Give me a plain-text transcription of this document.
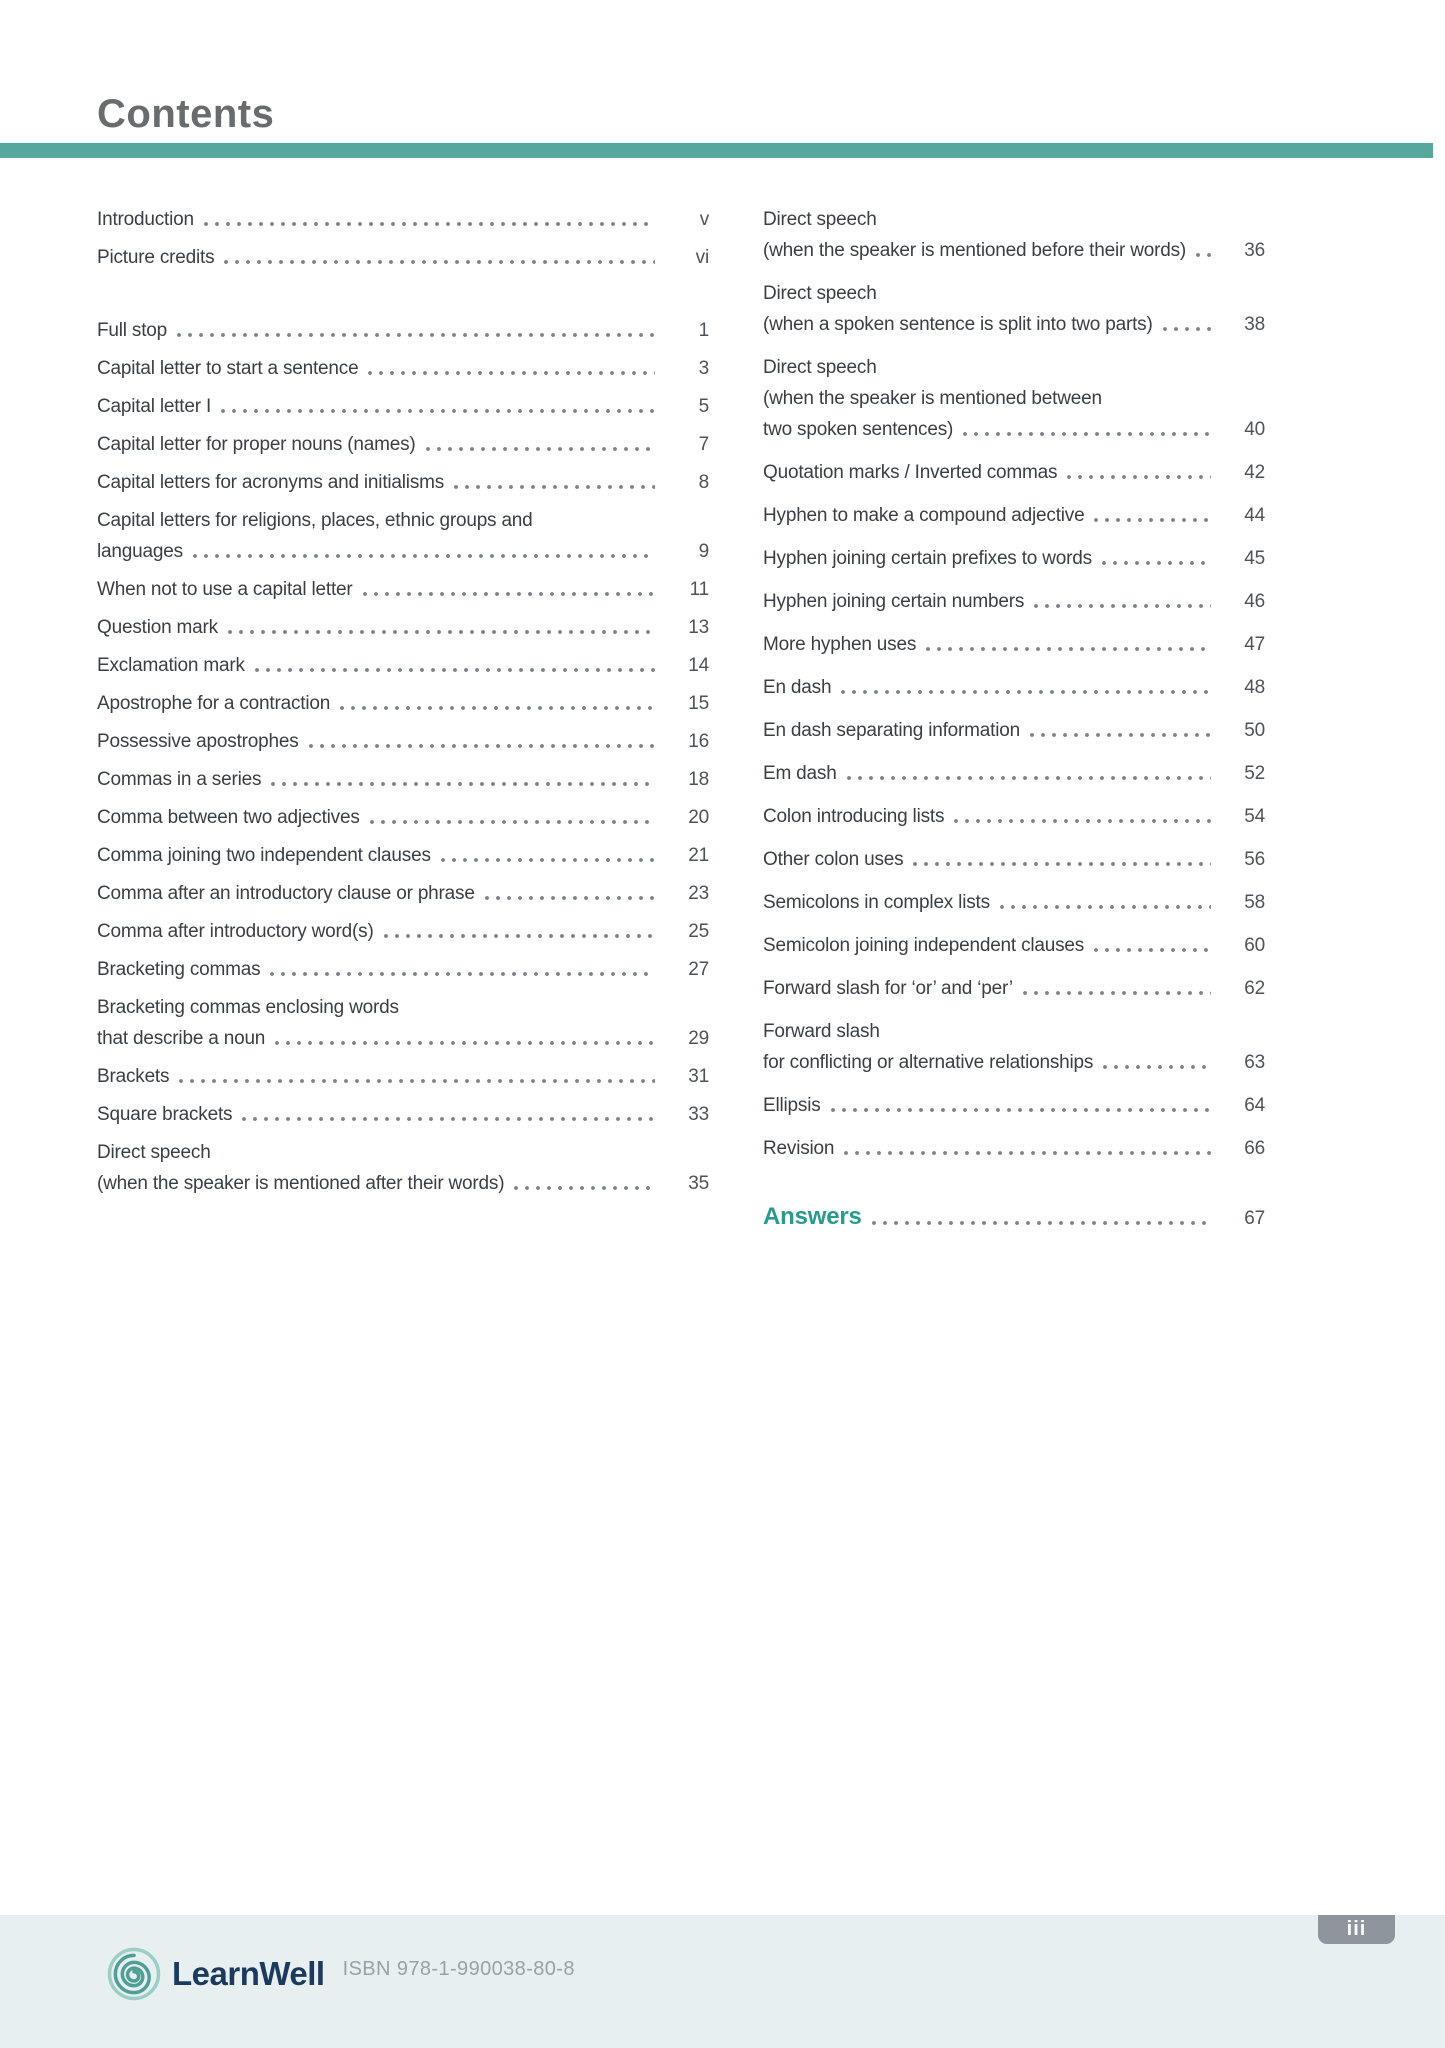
Contents
Introduction	v
Picture credits	vi
Full stop	1
Capital letter to start a sentence	3
Capital letter I	5
Capital letter for proper nouns (names)	7
Capital letters for acronyms and initialisms	8
Capital letters for religions, places, ethnic groups and
languages	9
When not to use a capital letter	11
Question mark	13
Exclamation mark	14
Apostrophe for a contraction	15
Possessive apostrophes	16
Commas in a series	18
Comma between two adjectives	20
Comma joining two independent clauses	21
Comma after an introductory clause or phrase	23
Comma after introductory word(s)	25
Bracketing commas	27
Bracketing commas enclosing words
that describe a noun	29
Brackets	31
Square brackets	33
Direct speech
(when the speaker is mentioned after their words)	35
Direct speech
(when the speaker is mentioned before their words)	36
Direct speech
(when a spoken sentence is split into two parts)	38
Direct speech
(when the speaker is mentioned between
two spoken sentences)	40
Quotation marks / Inverted commas	42
Hyphen to make a compound adjective	44
Hyphen joining certain prefixes to words	45
Hyphen joining certain numbers	46
More hyphen uses	47
En dash	48
En dash separating information	50
Em dash	52
Colon introducing lists	54
Other colon uses	56
Semicolons in complex lists	58
Semicolon joining independent clauses	60
Forward slash for ‘or’ and ‘per’	62
Forward slash
for conflicting or alternative relationships	63
Ellipsis	64
Revision	66
Answers	67
LearnWell ISBN 978-1-990038-80-8
iii
